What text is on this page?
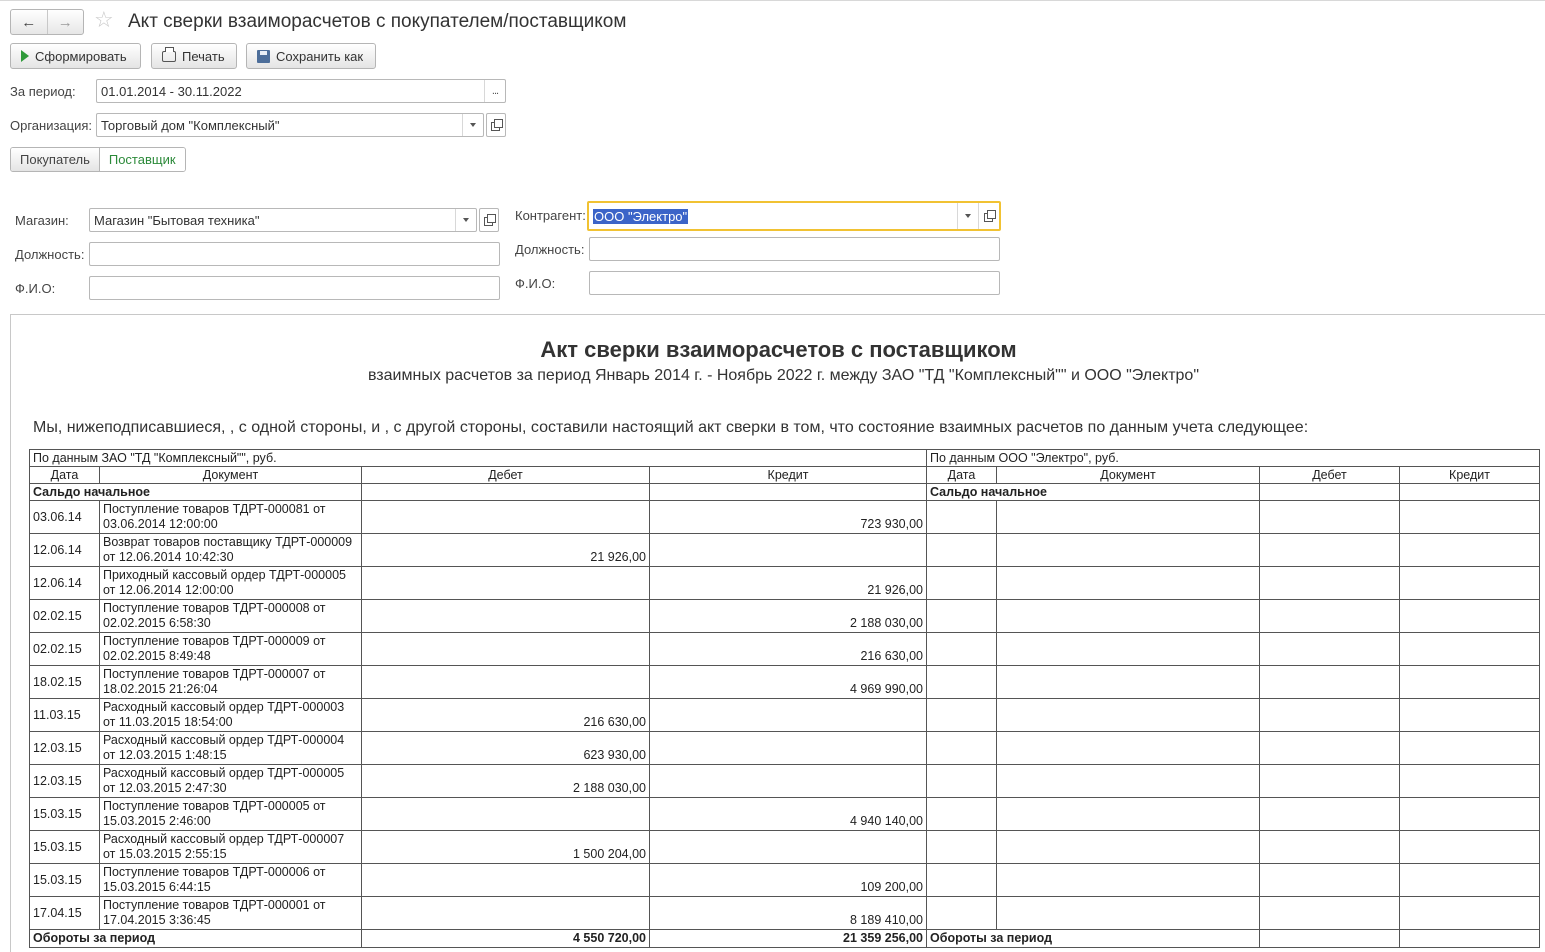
←	→ ☆ Акт сверки взаиморасчетов с покупателем/поставщиком
Сформировать	Печать	Сохранить как
За период:	01.01.2014 - 30.11.2022	...
Организация: Торговый дом "Комплексный"
Покупатель	Поставщик
Магазин:	Магазин "Бытовая техника"
Должность:
Ф.И.О:
Контрагент: ООО "Электро"
Должность:
Ф.И.О:
Акт сверки взаиморасчетов с поставщиком
взаимных расчетов за период Январь 2014 г. - Ноябрь 2022 г. между ЗАО "ТД "Комплексный"" и ООО "Электро"
Мы, нижеподписавшиеся, , с одной стороны, и , с другой стороны, составили настоящий акт сверки в том, что состояние взаимных расчетов по данным учета следующее:
По данным ЗАО "ТД "Комплексный"", руб.				По данным ООО "Электро", руб.			
Дата	Документ	Дебет	Кредит	Дата	Документ	Дебет	Кредит
Сальдо начальное				Сальдо начальное			
03.06.14	Поступление товаров ТДРТ-000081 от 03.06.2014 12:00:00		723 930,00				
12.06.14	Возврат товаров поставщику ТДРТ-000009 от 12.06.2014 10:42:30	21 926,00					
12.06.14	Приходный кассовый ордер ТДРТ-000005 от 12.06.2014 12:00:00		21 926,00				
02.02.15	Поступление товаров ТДРТ-000008 от 02.02.2015 6:58:30		2 188 030,00				
02.02.15	Поступление товаров ТДРТ-000009 от 02.02.2015 8:49:48		216 630,00				
18.02.15	Поступление товаров ТДРТ-000007 от 18.02.2015 21:26:04		4 969 990,00				
11.03.15	Расходный кассовый ордер ТДРТ-000003 от 11.03.2015 18:54:00	216 630,00					
12.03.15	Расходный кассовый ордер ТДРТ-000004 от 12.03.2015 1:48:15	623 930,00					
12.03.15	Расходный кассовый ордер ТДРТ-000005 от 12.03.2015 2:47:30	2 188 030,00					
15.03.15	Поступление товаров ТДРТ-000005 от 15.03.2015 2:46:00		4 940 140,00				
15.03.15	Расходный кассовый ордер ТДРТ-000007 от 15.03.2015 2:55:15	1 500 204,00					
15.03.15	Поступление товаров ТДРТ-000006 от 15.03.2015 6:44:15		109 200,00				
17.04.15	Поступление товаров ТДРТ-000001 от 17.04.2015 3:36:45		8 189 410,00				
Обороты за период		4 550 720,00	21 359 256,00	Обороты за период			
